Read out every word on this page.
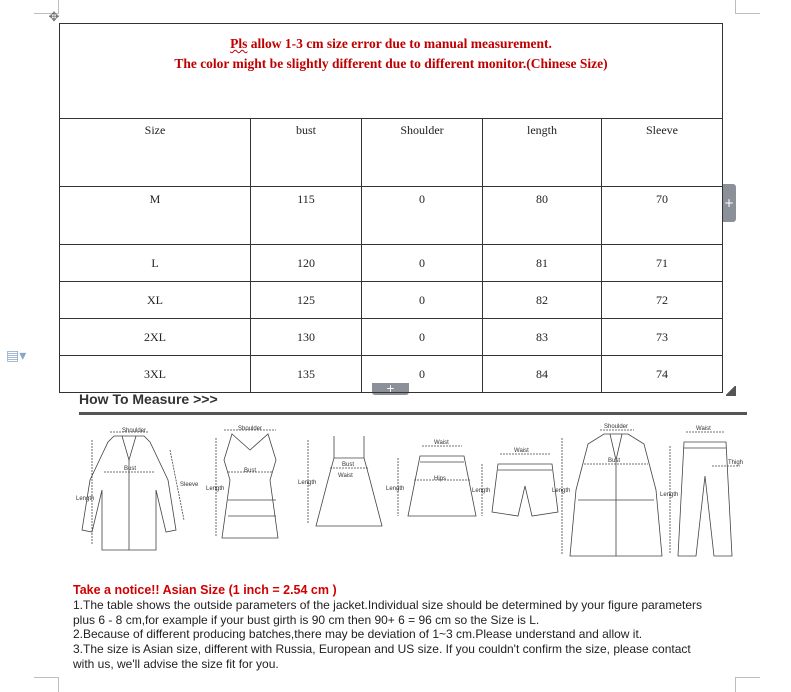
✥
▤▾
+
+
Pls allow 1-3 cm size error due to manual measurement.
The color might be slightly different due to different monitor.(Chinese Size)				

Size	bust	Shoulder	length	Sleeve
M	115	0	80	70
L	120	0	81	71
XL	125	0	82	72
2XL	130	0	83	73
3XL	135	0	84	74
How To Measure >>>
Shoulder
Bust
Length
Sleeve
Shoulder
Bust
Length
Bust
Waist
Length
Waist
Hips
Length
Waist
Length
Shoulder
Bust
Length
Waist
Thigh
Length
Take a notice!! Asian Size (1 inch = 2.54 cm )
1.The table shows the outside parameters of the jacket.Individual size should be determined by your figure parameters plus 6 - 8 cm,for example if your bust girth is 90 cm then 90+ 6 = 96 cm so the Size is L.
2.Because of different producing batches,there may be deviation of 1~3 cm.Please understand and allow it.
3.The size is Asian size, different with Russia, European and US size. If you couldn't confirm the size, please contact with us, we'll advise the size fit for you.
